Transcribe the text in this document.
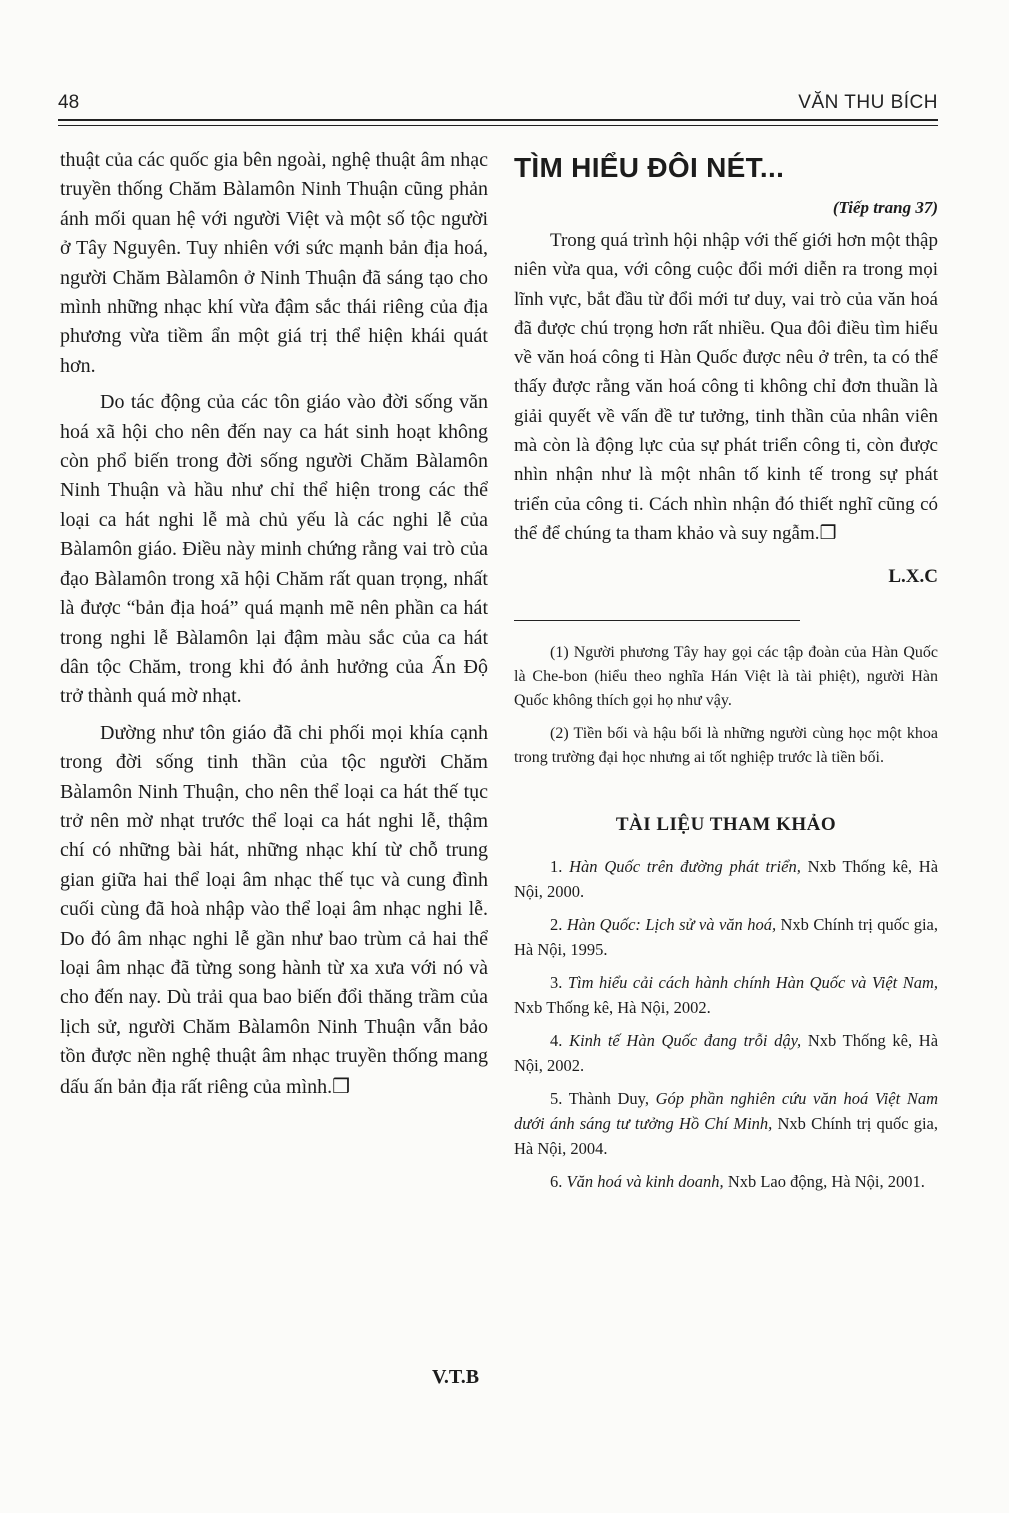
48	VĂN THU BÍCH

thuật của các quốc gia bên ngoài, nghệ thuật âm nhạc truyền thống Chăm Bàlamôn Ninh Thuận cũng phản ánh mối quan hệ với người Việt và một số tộc người ở Tây Nguyên. Tuy nhiên với sức mạnh bản địa hoá, người Chăm Bàlamôn ở Ninh Thuận đã sáng tạo cho mình những nhạc khí vừa đậm sắc thái riêng của địa phương vừa tiềm ẩn một giá trị thể hiện khái quát hơn.

Do tác động của các tôn giáo vào đời sống văn hoá xã hội cho nên đến nay ca hát sinh hoạt không còn phổ biến trong đời sống người Chăm Bàlamôn Ninh Thuận và hầu như chỉ thể hiện trong các thể loại ca hát nghi lễ mà chủ yếu là các nghi lễ của Bàlamôn giáo. Điều này minh chứng rằng vai trò của đạo Bàlamôn trong xã hội Chăm rất quan trọng, nhất là được “bản địa hoá” quá mạnh mẽ nên phần ca hát trong nghi lễ Bàlamôn lại đậm màu sắc của ca hát dân tộc Chăm, trong khi đó ảnh hưởng của Ấn Độ trở thành quá mờ nhạt.

Dường như tôn giáo đã chi phối mọi khía cạnh trong đời sống tinh thần của tộc người Chăm Bàlamôn Ninh Thuận, cho nên thể loại ca hát thế tục trở nên mờ nhạt trước thể loại ca hát nghi lễ, thậm chí có những bài hát, những nhạc khí từ chỗ trung gian giữa hai thể loại âm nhạc thế tục và cung đình cuối cùng đã hoà nhập vào thể loại âm nhạc nghi lễ. Do đó âm nhạc nghi lễ gần như bao trùm cả hai thể loại âm nhạc đã từng song hành từ xa xưa với nó và cho đến nay. Dù trải qua bao biến đổi thăng trầm của lịch sử, người Chăm Bàlamôn Ninh Thuận vẫn bảo tồn được nền nghệ thuật âm nhạc truyền thống mang dấu ấn bản địa rất riêng của mình.❒

V.T.B
TÌM HIỂU ĐÔI NÉT...
(Tiếp trang 37)
Trong quá trình hội nhập với thế giới hơn một thập niên vừa qua, với công cuộc đổi mới diễn ra trong mọi lĩnh vực, bắt đầu từ đổi mới tư duy, vai trò của văn hoá đã được chú trọng hơn rất nhiều. Qua đôi điều tìm hiểu về văn hoá công ti Hàn Quốc được nêu ở trên, ta có thể thấy được rằng văn hoá công ti không chỉ đơn thuần là giải quyết về vấn đề tư tưởng, tinh thần của nhân viên mà còn là động lực của sự phát triển công ti, còn được nhìn nhận như là một nhân tố kinh tế trong sự phát triển của công ti. Cách nhìn nhận đó thiết nghĩ cũng có thể để chúng ta tham khảo và suy ngẫm.❒
L.X.C

(1) Người phương Tây hay gọi các tập đoàn của Hàn Quốc là Che-bon (hiểu theo nghĩa Hán Việt là tài phiệt), người Hàn Quốc không thích gọi họ như vậy.

(2) Tiền bối và hậu bối là những người cùng học một khoa trong trường đại học nhưng ai tốt nghiệp trước là tiền bối.

TÀI LIỆU THAM KHẢO

1. Hàn Quốc trên đường phát triển, Nxb Thống kê, Hà Nội, 2000.

2. Hàn Quốc: Lịch sử và văn hoá, Nxb Chính trị quốc gia, Hà Nội, 1995.

3. Tìm hiểu cải cách hành chính Hàn Quốc và Việt Nam, Nxb Thống kê, Hà Nội, 2002.

4. Kinh tế Hàn Quốc đang trỗi dậy, Nxb Thống kê, Hà Nội, 2002.

5. Thành Duy, Góp phần nghiên cứu văn hoá Việt Nam dưới ánh sáng tư tưởng Hồ Chí Minh, Nxb Chính trị quốc gia, Hà Nội, 2004.

6. Văn hoá và kinh doanh, Nxb Lao động, Hà Nội, 2001.
